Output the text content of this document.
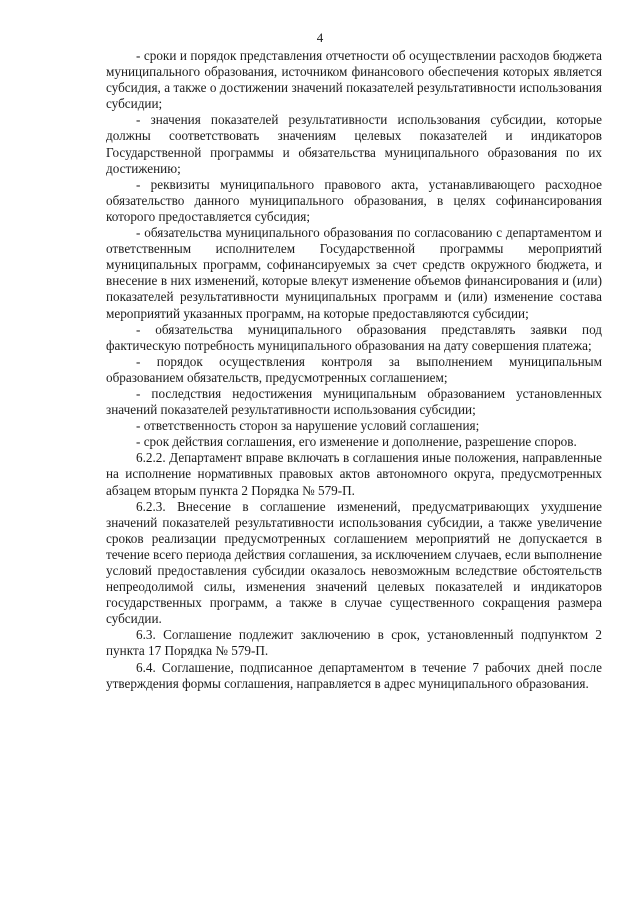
4

- сроки и порядок представления отчетности об осуществлении расходов бюджета муниципального образования, источником финансового обеспечения которых является субсидия, а также о достижении значений показателей результативности использования субсидии;

- значения показателей результативности использования субсидии, которые должны соответствовать значениям целевых показателей и индикаторов Государственной программы и обязательства муниципального образования по их достижению;

- реквизиты муниципального правового акта, устанавливающего расходное обязательство данного муниципального образования, в целях софинансирования которого предоставляется субсидия;

- обязательства муниципального образования по согласованию с департаментом и ответственным исполнителем Государственной программы мероприятий муниципальных программ, софинансируемых за счет средств окружного бюджета, и внесение в них изменений, которые влекут изменение объемов финансирования и (или) показателей результативности муниципальных программ и (или) изменение состава мероприятий указанных программ, на которые предоставляются субсидии;

- обязательства муниципального образования представлять заявки под фактическую потребность муниципального образования на дату совершения платежа;

- порядок осуществления контроля за выполнением муниципальным образованием обязательств, предусмотренных соглашением;

- последствия недостижения муниципальным образованием установленных значений показателей результативности использования субсидии;

- ответственность сторон за нарушение условий соглашения;

- срок действия соглашения, его изменение и дополнение, разрешение споров.

6.2.2. Департамент вправе включать в соглашения иные положения, направленные на исполнение нормативных правовых актов автономного округа, предусмотренных абзацем вторым пункта 2 Порядка № 579-П.

6.2.3. Внесение в соглашение изменений, предусматривающих ухудшение значений показателей результативности использования субсидии, а также увеличение сроков реализации предусмотренных соглашением мероприятий не допускается в течение всего периода действия соглашения, за исключением случаев, если выполнение условий предоставления субсидии оказалось невозможным вследствие обстоятельств непреодолимой силы, изменения значений целевых показателей и индикаторов государственных программ, а также в случае существенного сокращения размера субсидии.

6.3. Соглашение подлежит заключению в срок, установленный подпунктом 2 пункта 17 Порядка № 579-П.

6.4. Соглашение, подписанное департаментом в течение 7 рабочих дней после утверждения формы соглашения, направляется в адрес муниципального образования.
